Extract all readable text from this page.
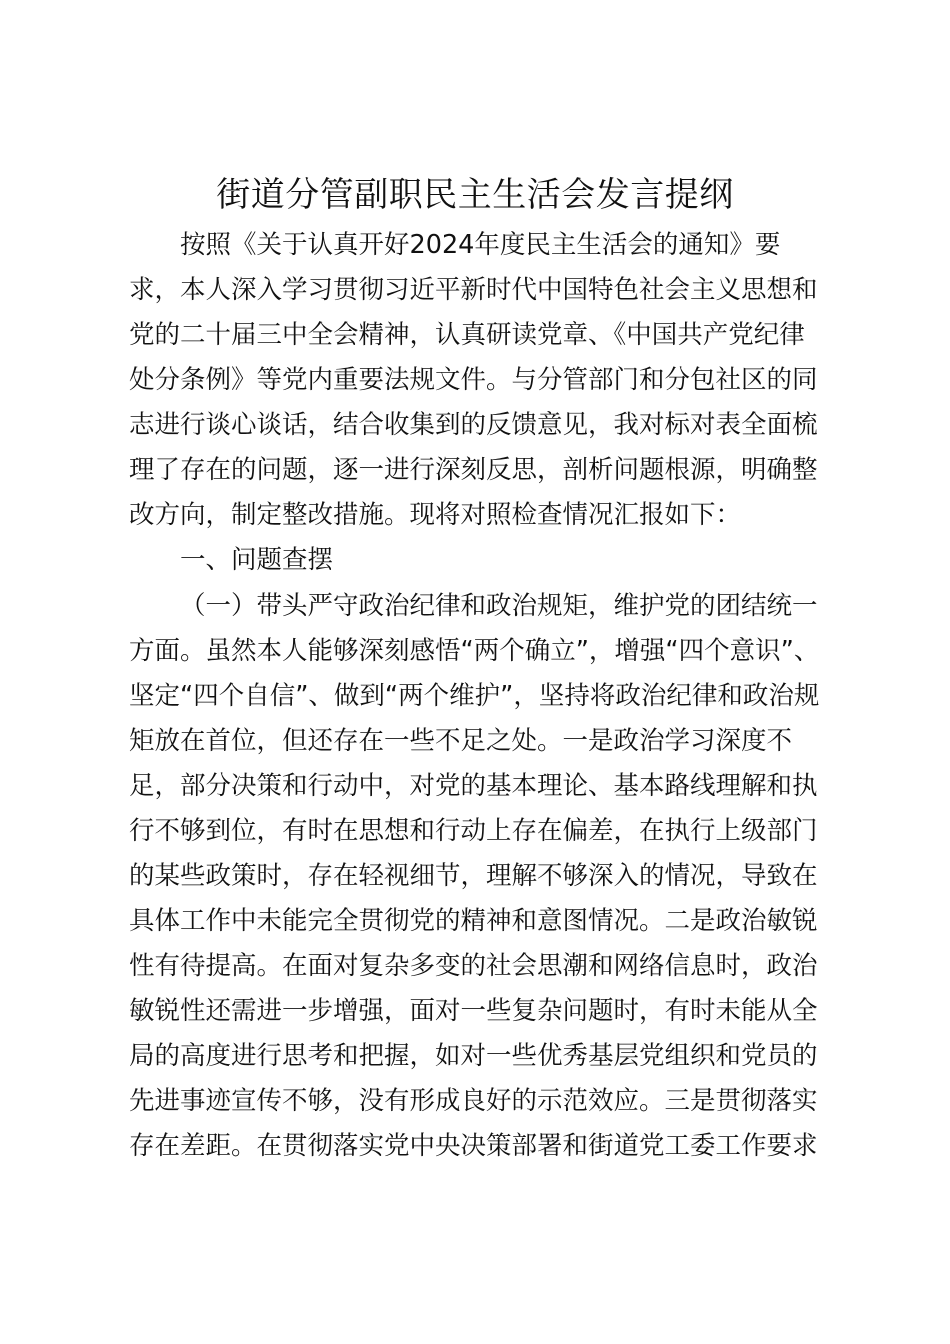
街道分管副职民主生活会发言提纲
按照《关于认真开好2024年度民主生活会的通知》要
求，本人深入学习贯彻习近平新时代中国特色社会主义思想和
党的二十届三中全会精神，认真研读党章、《中国共产党纪律
处分条例》等党内重要法规文件。与分管部门和分包社区的同
志进行谈心谈话，结合收集到的反馈意见，我对标对表全面梳
理了存在的问题，逐一进行深刻反思，剖析问题根源，明确整
改方向，制定整改措施。现将对照检查情况汇报如下：
一、问题查摆
（一）带头严守政治纪律和政治规矩，维护党的团结统一
方面。虽然本人能够深刻感悟“两个确立”，增强“四个意识”、
坚定“四个自信”、做到“两个维护”，坚持将政治纪律和政治规
矩放在首位，但还存在一些不足之处。一是政治学习深度不
足，部分决策和行动中，对党的基本理论、基本路线理解和执
行不够到位，有时在思想和行动上存在偏差，在执行上级部门
的某些政策时，存在轻视细节，理解不够深入的情况，导致在
具体工作中未能完全贯彻党的精神和意图情况。二是政治敏锐
性有待提高。在面对复杂多变的社会思潮和网络信息时，政治
敏锐性还需进一步增强，面对一些复杂问题时，有时未能从全
局的高度进行思考和把握，如对一些优秀基层党组织和党员的
先进事迹宣传不够，没有形成良好的示范效应。三是贯彻落实
存在差距。在贯彻落实党中央决策部署和街道党工委工作要求
